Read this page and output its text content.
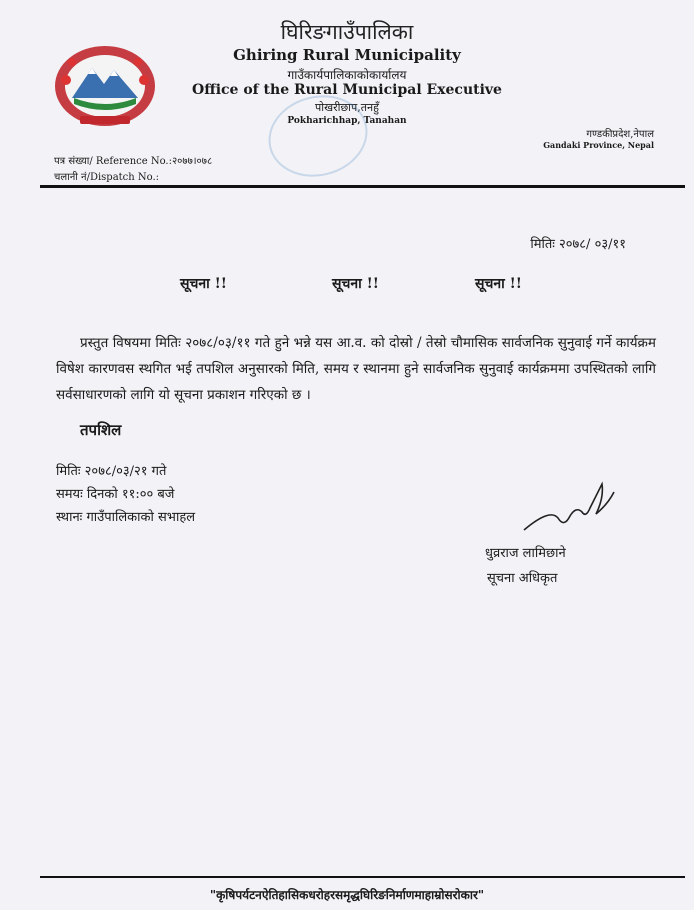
घिरिङगाउँपालिका
Ghiring Rural Municipality
गाउँकार्यपालिकाकोकार्यालय
Office of the Rural Municipal Executive
पोखरीछाप,तनहुँ
Pokharichhap, Tanahan
गण्डकीप्रदेश,नेपाल
Gandaki Province, Nepal
पत्र संख्या/ Reference No.:२०७७।०७८
चलानी नं/Dispatch No.:
मितिः २०७८/ ०३/११
सूचना !!	सूचना !!	सूचना !!
प्रस्तुत विषयमा मितिः २०७८/०३/११ गते हुने भन्ने यस आ.व. को दोस्रो / तेस्रो चौमासिक सार्वजनिक सुनुवाई गर्ने कार्यक्रम विषेश कारणवस स्थगित भई तपशिल अनुसारको मिति, समय र स्थानमा हुने सार्वजनिक सुनुवाई कार्यक्रममा उपस्थितको लागि सर्वसाधारणको लागि यो सूचना प्रकाशन गरिएको छ ।
तपशिल
मितिः २०७८/०३/२१ गते
समयः दिनको ११:०० बजे
स्थानः गाउँपालिकाको सभाहल
धुव्रराज लामिछाने
सूचना अधिकृत
"कृषिपर्यटनऐतिहासिकधरोहरसमृद्धघिरिङनिर्माणमाहाम्रोसरोकार"
